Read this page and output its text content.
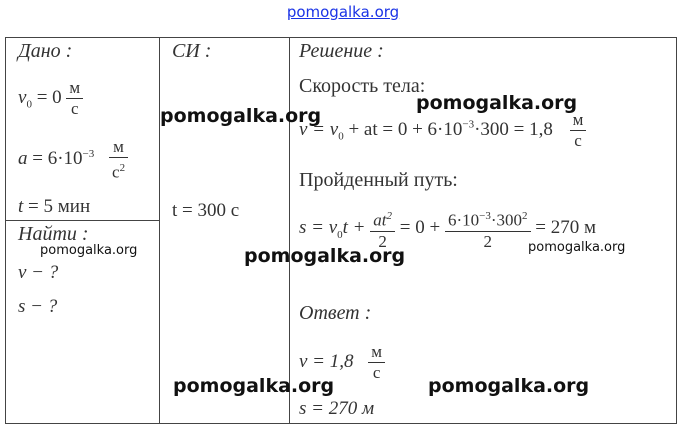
pomogalka.org
Дано :
$v_0 = 0 \frac{м}{с}$
$a = 6\cdot 10^{-3} \frac{м}{с^2}$
t = 5 мин
Найти :
v − ?
s − ?
СИ :
t = 300 с
Решение :
Скорость тела:
$v = v_0$ + at = $0 + 6\cdot 10^{-3}\cdot 300 = 1,8 \frac{м}{с}$
Пройденный путь:
$s = v_0t + \frac{at^2}{2} = 0 + \frac{6\cdot 10^{-3}\cdot 300^2}{2} = 270$ м
Ответ :
$v = 1,8 \frac{м}{с}$
s = 270 м
pomogalka.org
pomogalka.org
pomogalka.org
pomogalka.org	pomogalka.org
pomogalka.org	pomogalka.org
